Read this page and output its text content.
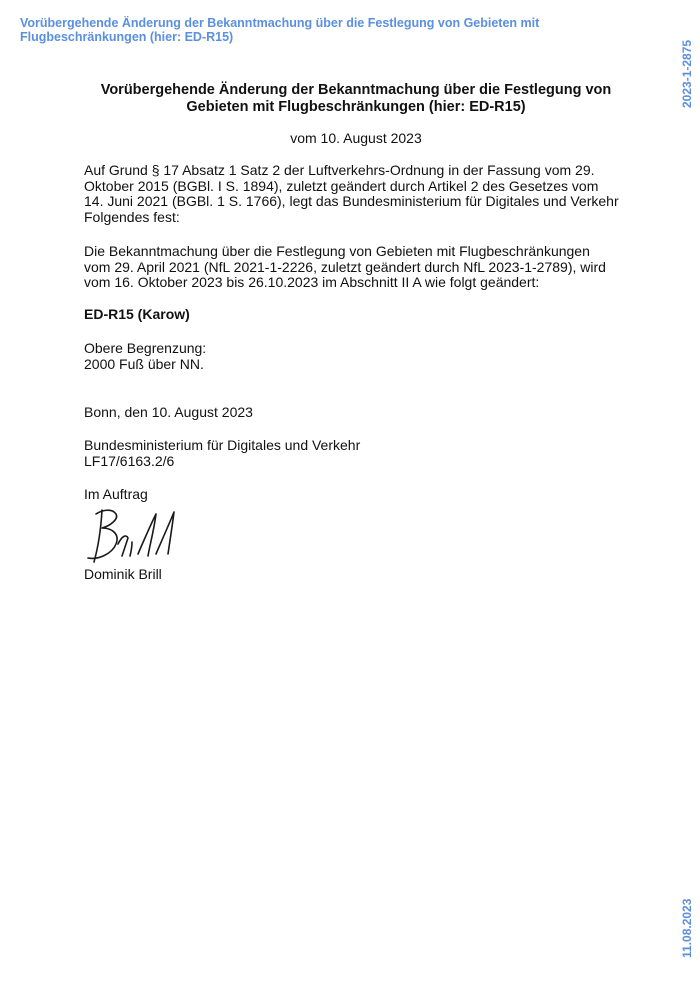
Vorübergehende Änderung der Bekanntmachung über die Festlegung von Gebieten mit Flugbeschränkungen (hier: ED-R15)
2023-1-2875
11.08.2023
Vorübergehende Änderung der Bekanntmachung über die Festlegung von
Gebieten mit Flugbeschränkungen (hier: ED-R15)
vom 10. August 2023
Auf Grund § 17 Absatz 1 Satz 2 der Luftverkehrs-Ordnung in der Fassung vom 29.
Oktober 2015 (BGBl. I S. 1894), zuletzt geändert durch Artikel 2 des Gesetzes vom
14. Juni 2021 (BGBl. 1 S. 1766), legt das Bundesministerium für Digitales und Verkehr
Folgendes fest:
Die Bekanntmachung über die Festlegung von Gebieten mit Flugbeschränkungen
vom 29. April 2021 (NfL 2021-1-2226, zuletzt geändert durch NfL 2023-1-2789), wird
vom 16. Oktober 2023 bis 26.10.2023 im Abschnitt II A wie folgt geändert:
ED-R15 (Karow)
Obere Begrenzung:
2000 Fuß über NN.
Bonn, den 10. August 2023
Bundesministerium für Digitales und Verkehr
LF17/6163.2/6
Im Auftrag
Dominik Brill
